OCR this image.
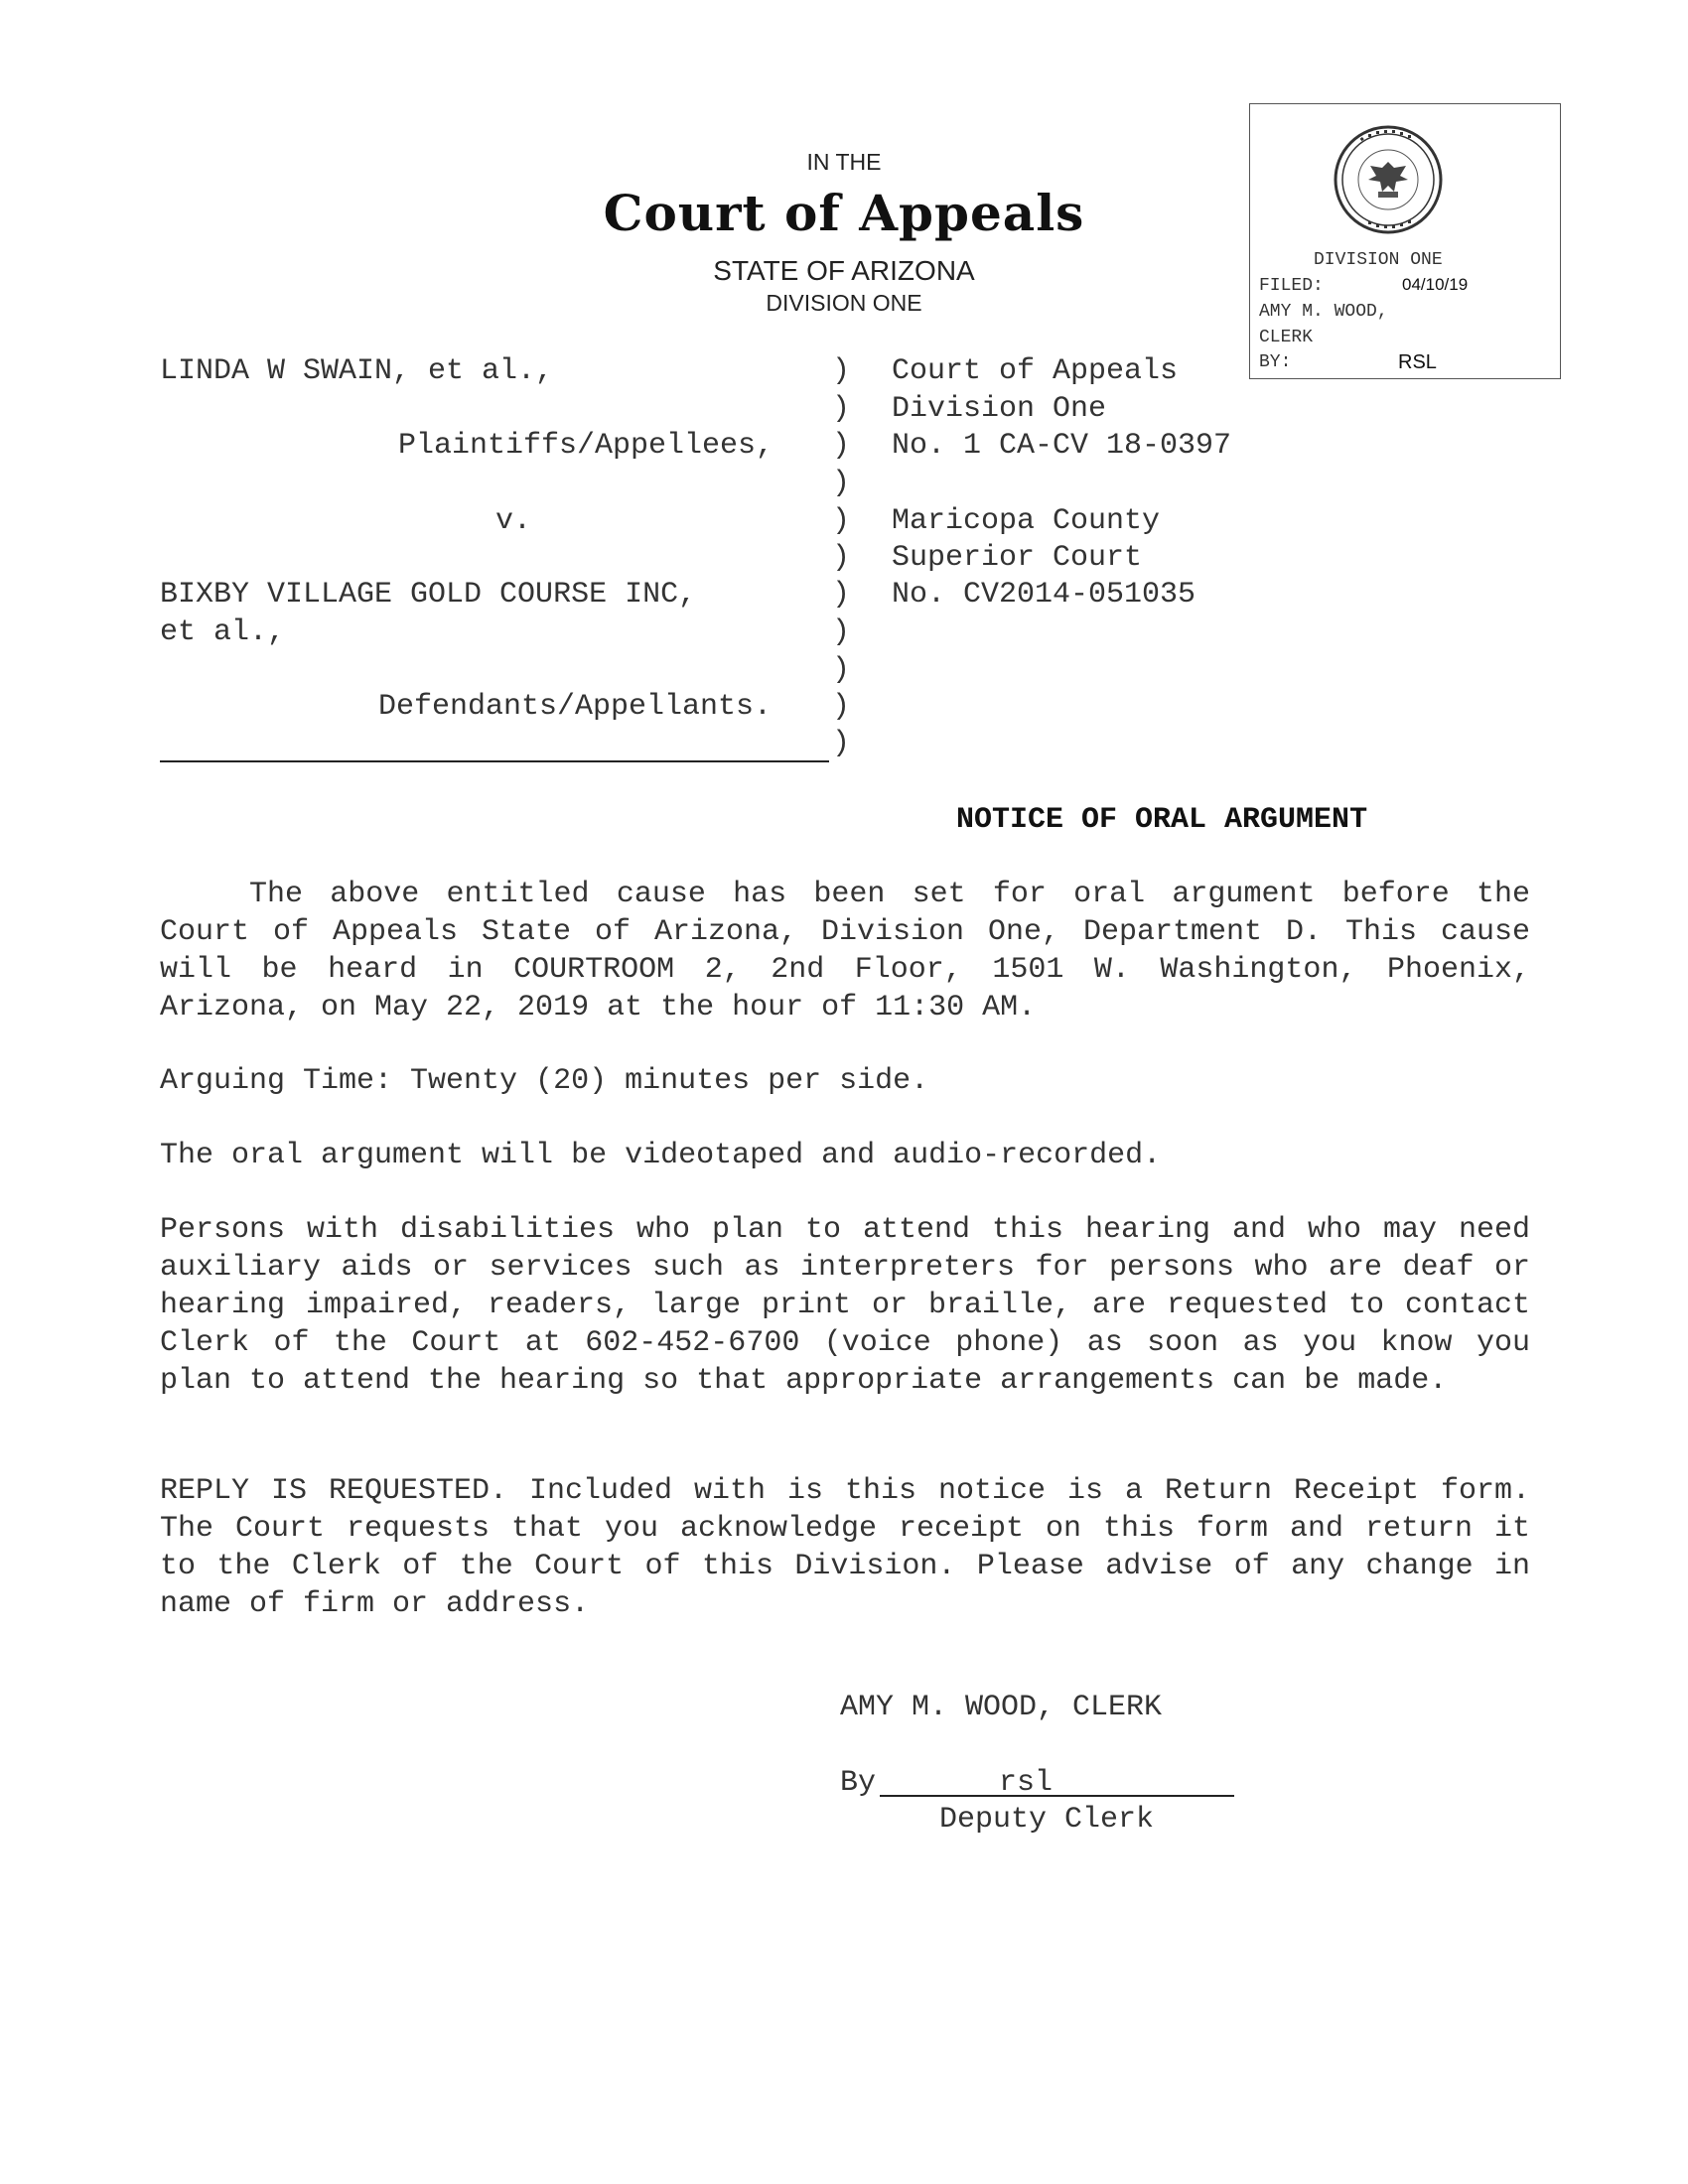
IN THE
Court of Appeals
STATE OF ARIZONA
DIVISION ONE
DIVISION ONE
FILED:	04/10/19
AMY M. WOOD,
CLERK
BY:	RSL
LINDA W SWAIN, et al.,
Plaintiffs/Appellees,
v.
BIXBY VILLAGE GOLD COURSE INC,
et al.,
Defendants/Appellants.
)
)
)
)
)
)
)
)
)
)
)
Court of Appeals
Division One
No. 1 CA-CV 18-0397
Maricopa County
Superior Court
No. CV2014-051035
NOTICE OF ORAL ARGUMENT
The above entitled cause has been set for oral argument before the Court of Appeals State of Arizona, Division One, Department D. This cause will be heard in COURTROOM 2, 2nd Floor, 1501 W. Washington, Phoenix, Arizona, on May 22, 2019 at the hour of 11:30 AM.
Arguing Time: Twenty (20) minutes per side.
The oral argument will be videotaped and audio-recorded.
Persons with disabilities who plan to attend this hearing and who may need auxiliary aids or services such as interpreters for persons who are deaf or hearing impaired, readers, large print or braille, are requested to contact Clerk of the Court at 602-452-6700 (voice phone) as soon as you know you plan to attend the hearing so that appropriate arrangements can be made.
REPLY IS REQUESTED. Included with is this notice is a Return Receipt form. The Court requests that you acknowledge receipt on this form and return it to the Clerk of the Court of this Division. Please advise of any change in name of firm or address.
AMY M. WOOD, CLERK
By	rsl
Deputy Clerk
